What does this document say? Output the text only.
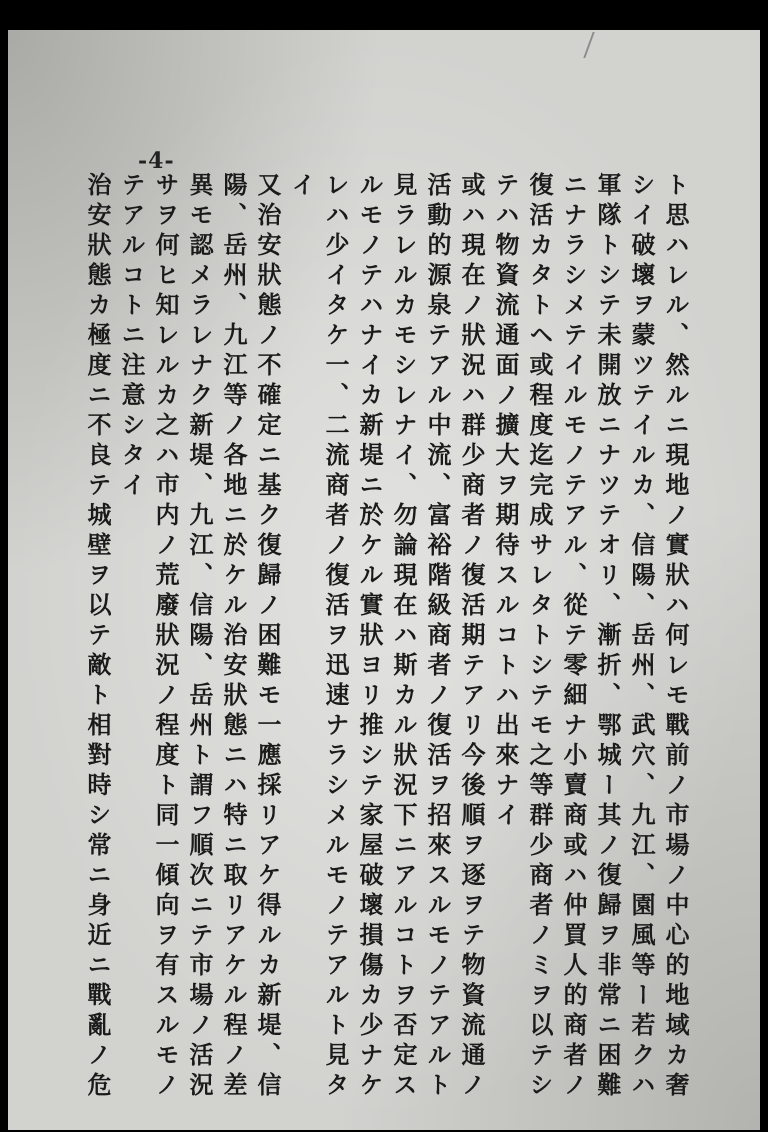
-4-
ト思ハレル、然ルニ現地ノ實狀ハ何レモ戰前ノ市場ノ中心的地域カ奢
シイ破壞ヲ蒙ツテイルカ、信陽、岳州、武穴、九江、園風等ー若クハ
軍隊トシテ未開放ニナツテオリ、漸折、鄂城ー其ノ復歸ヲ非常ニ困難
ニナラシメテイルモノテアル、從テ零細ナ小賣商或ハ仲買人的商者ノ
復活カタトヘ或程度迄完成サレタトシテモ之等群少商者ノミヲ以テシ
テハ物資流通面ノ擴大ヲ期待スルコトハ出來ナイ
或ハ現在ノ狀況ハ群少商者ノ復活期テアリ今後順ヲ逐ヲテ物資流通ノ
活動的源泉テアル中流、富裕階級商者ノ復活ヲ招來スルモノテアルト
見ラレルカモシレナイ、勿論現在ハ斯カル狀況下ニアルコトヲ否定ス
ルモノテハナイカ新堤ニ於ケル實狀ヨリ推シテ家屋破壞損傷カ少ナケ
レハ少イタケ一、二流商者ノ復活ヲ迅速ナラシメルモノテアルト見タ
イ
又治安狀態ノ不確定ニ基ク復歸ノ困難モ一應採リアケ得ルカ新堤、信
陽、岳州、九江等ノ各地ニ於ケル治安狀態ニハ特ニ取リアケル程ノ差
異モ認メラレナク新堤、九江、信陽、岳州ト謂フ順次ニテ市場ノ活況
サヲ何ヒ知レルカ之ハ市内ノ荒廢狀況ノ程度ト同一傾向ヲ有スルモノ
テアルコトニ注意シタイ
治安狀態カ極度ニ不良テ城壁ヲ以テ敵ト相對時シ常ニ身近ニ戰亂ノ危
